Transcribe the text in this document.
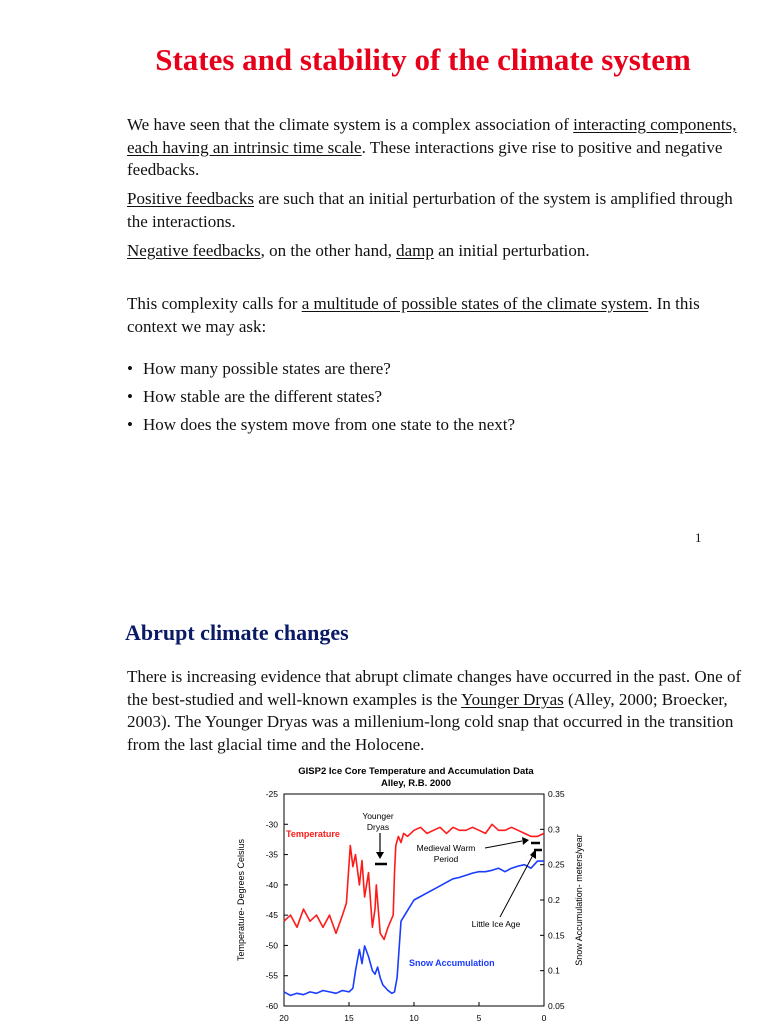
States and stability of the climate system
We have seen that the climate system is a complex association of interacting components, each having an intrinsic time scale. These interactions give rise to positive and negative feedbacks.
Positive feedbacks are such that an initial perturbation of the system is amplified through the interactions.
Negative feedbacks, on the other hand, damp an initial perturbation.
This complexity calls for a multitude of possible states of the climate system. In this context we may ask:
• How many possible states are there?
• How stable are the different states?
• How does the system move from one state to the next?
1
Abrupt climate changes
There is increasing evidence that abrupt climate changes have occurred in the past. One of the best-studied and well-known examples is the Younger Dryas (Alley, 2000; Broecker, 2003). The Younger Dryas was a millenium-long cold snap that occurred in the transition from the last glacial time and the Holocene.
GISP2 Ice Core Temperature and Accumulation Data
Alley, R.B. 2000
-25
-30
-35
-40
-45
-50
-55
-60
0.35
0.3
0.25
0.2
0.15
0.1
0.05
20	15	10	5	0
Temperature- Degrees Celsius	Snow Accumulation- meters/year
Temperature
Snow Accumulation
Younger
Dryas
Medieval Warm
Period
Little Ice Age
